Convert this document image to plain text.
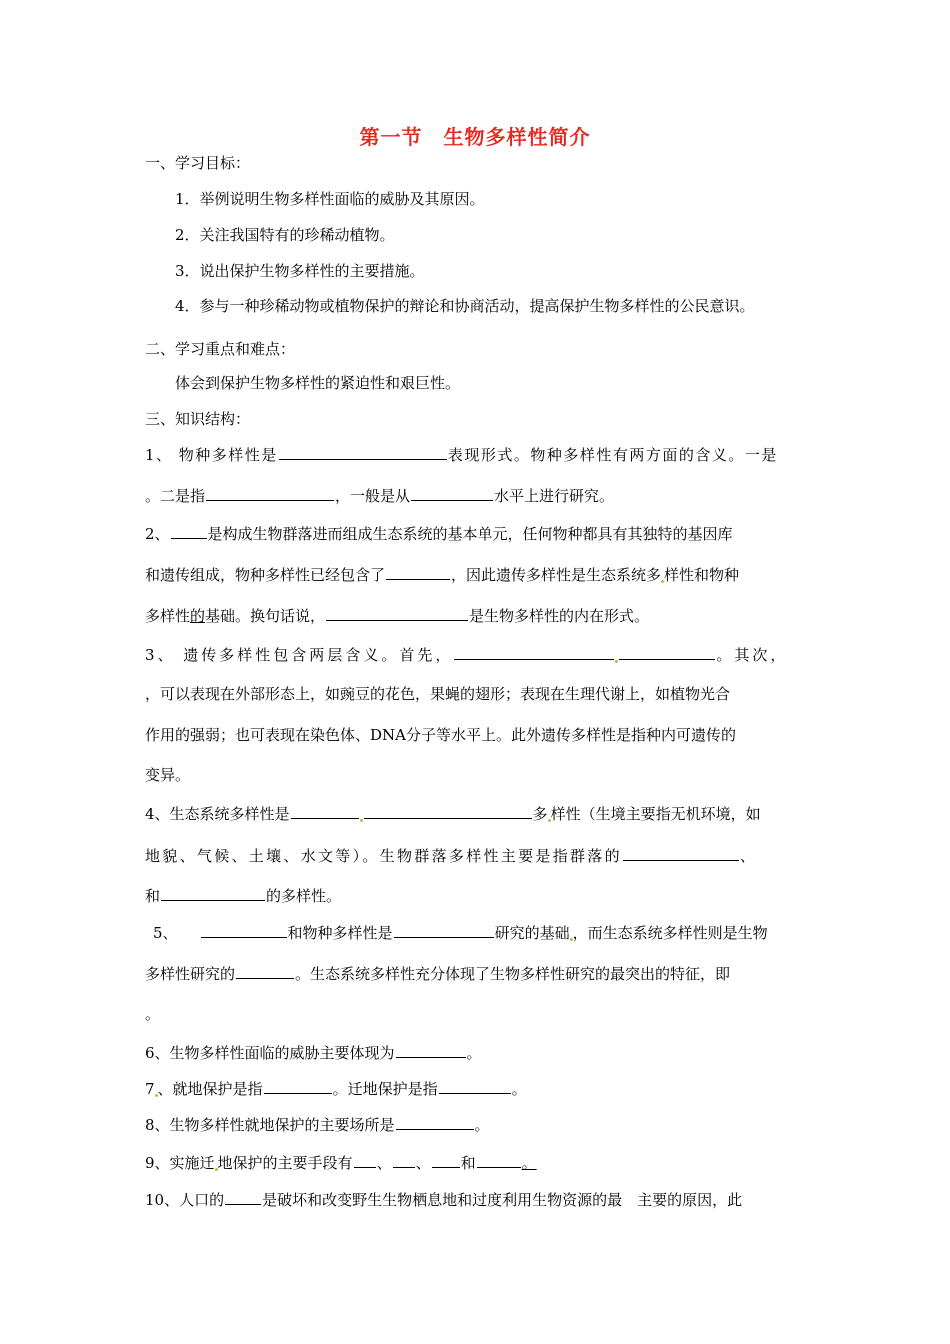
第一节　生物多样性简介
一、学习目标：
1．举例说明生物多样性面临的威胁及其原因。
2．关注我国特有的珍稀动植物。
3．说出保护生物多样性的主要措施。
4．参与一种珍稀动物或植物保护的辩论和协商活动，提高保护生物多样性的公民意识。
二、学习重点和难点：
体会到保护生物多样性的紧迫性和艰巨性。
三、知识结构：
1、 物种多样性是	表现形式。物种多样性有两方面的含义。一是
。二是指	，一般是从	水平上进行研究。
2、	是构成生物群落进而组成生态系统的基本单元，任何物种都具有其独特的基因库
和遗传组成，物种多样性已经包含了	，因此遗传多样性是生态系统多 样性和物种
多样性的基础。换句话说，	是生物多样性的内在形式。
3、 遗传多样性包含两层含义。首先，	。其次，
，可以表现在外部形态上，如豌豆的花色，果蝇的翅形；表现在生理代谢上，如植物光合
作用的强弱；也可表现在染色体、DNA分子等水平上。此外遗传多样性是指种内可遗传的
变异。
4、生态系统多样性是	多 样性（生境主要指无机环境，如
地貌、气候、土壤、水文等）。生物群落多样性主要是指群落的	、
和	的多样性。
5、	和物种多样性是	研究的基础 ，而生态系统多样性则是生物
多样性研究的	。生态系统多样性充分体现了生物多样性研究的最突出的特征，即
。
6、生物多样性面临的威胁主要体现为	。
7 、就地保护是指	。迁地保护是指	。
8、生物多样性就地保护的主要场所是	。
9、实施迁 地保护的主要手段有 、 、 和	。
10、人口的	是破坏和改变野生生物栖息地和过度利用生物资源的最　主要的原因，此
